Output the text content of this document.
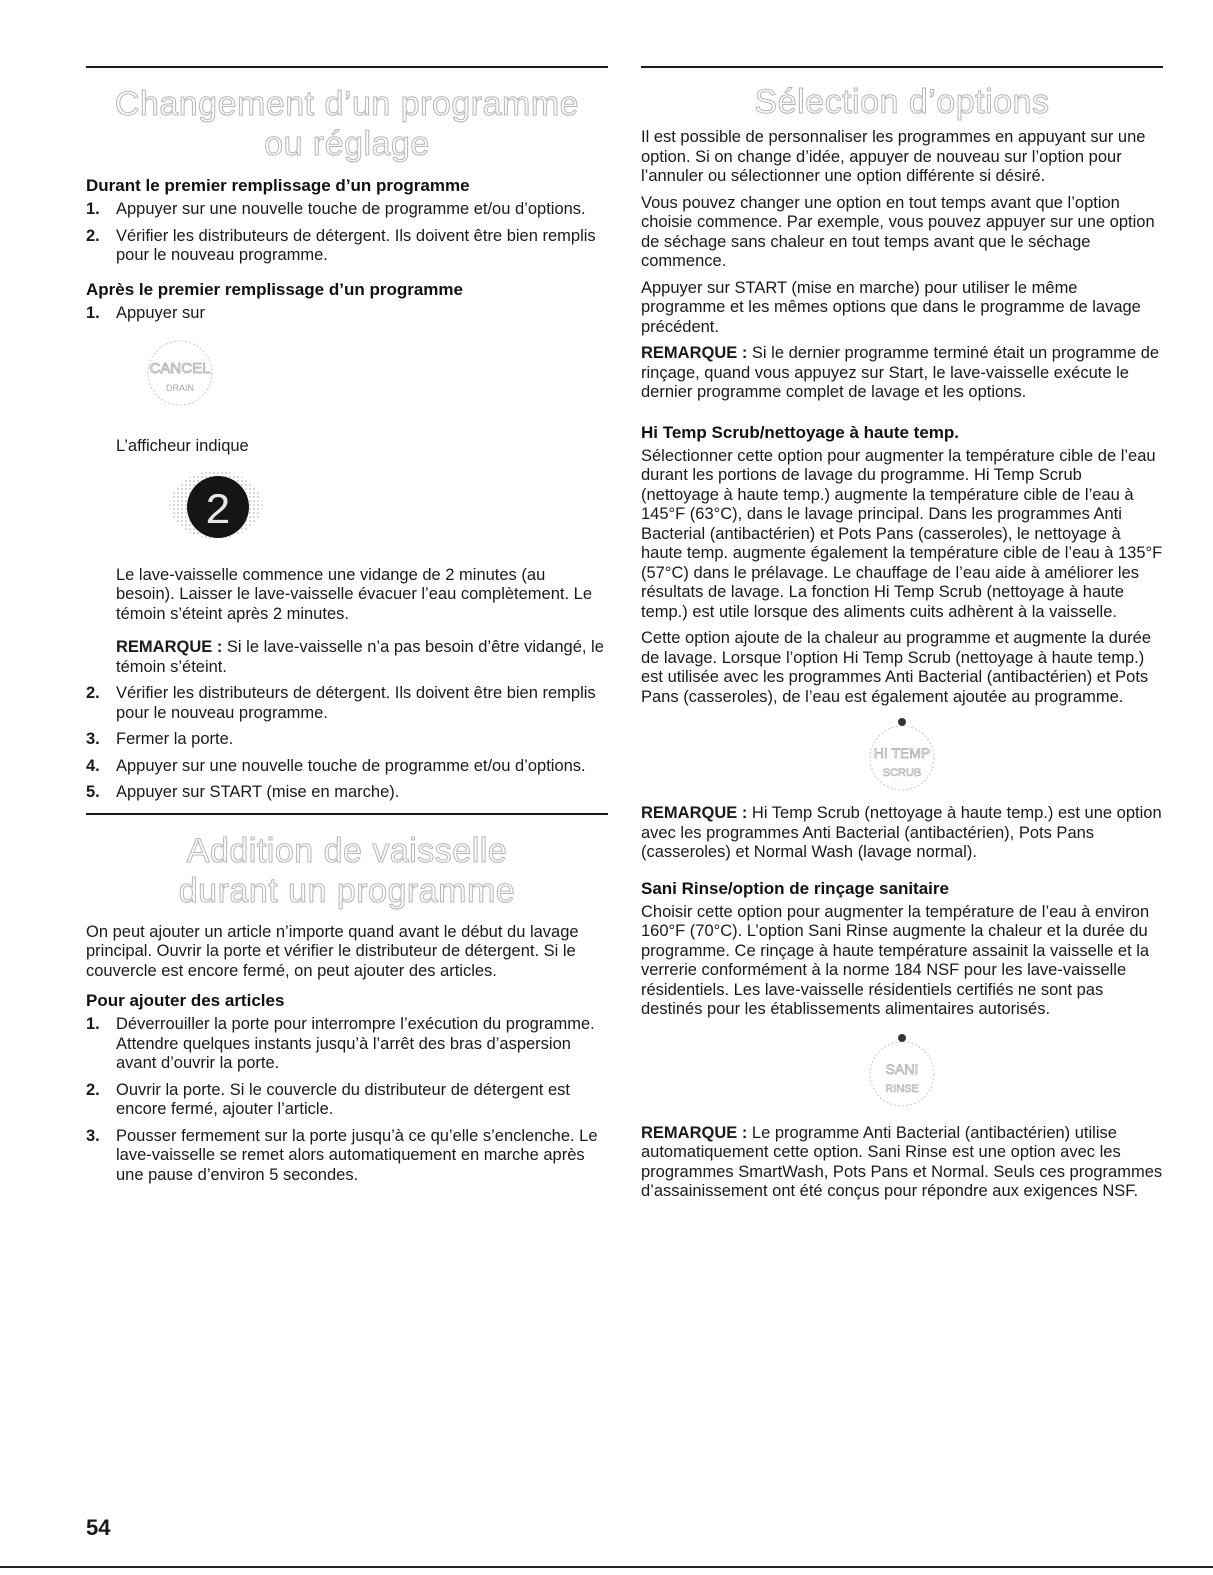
Changement d’un programme
ou réglage
Durant le premier remplissage d’un programme
1. Appuyer sur une nouvelle touche de programme et/ou d’options.
2. Vérifier les distributeurs de détergent. Ils doivent être bien remplis pour le nouveau programme.
Après le premier remplissage d’un programme
1. Appuyer sur
CANCEL
DRAIN

L’afficheur indique

2

Le lave-vaisselle commence une vidange de 2 minutes (au besoin). Laisser le lave-vaisselle évacuer l’eau complètement. Le témoin s’éteint après 2 minutes.

REMARQUE : Si le lave-vaisselle n’a pas besoin d’être vidangé, le témoin s’éteint.

2. Vérifier les distributeurs de détergent. Ils doivent être bien remplis pour le nouveau programme.
3. Fermer la porte.
4. Appuyer sur une nouvelle touche de programme et/ou d’options.
5. Appuyer sur START (mise en marche).
Addition de vaisselle
durant un programme

On peut ajouter un article n’importe quand avant le début du lavage principal. Ouvrir la porte et vérifier le distributeur de détergent. Si le couvercle est encore fermé, on peut ajouter des articles.

Pour ajouter des articles
1. Déverrouiller la porte pour interrompre l’exécution du programme. Attendre quelques instants jusqu’à l’arrêt des bras d’aspersion avant d’ouvrir la porte.
2. Ouvrir la porte. Si le couvercle du distributeur de détergent est encore fermé, ajouter l’article.
3. Pousser fermement sur la porte jusqu’à ce qu’elle s’enclenche. Le lave-vaisselle se remet alors automatiquement en marche après une pause d’environ 5 secondes.
Sélection d’options

Il est possible de personnaliser les programmes en appuyant sur une option. Si on change d’idée, appuyer de nouveau sur l’option pour l’annuler ou sélectionner une option différente si désiré.

Vous pouvez changer une option en tout temps avant que l’option choisie commence. Par exemple, vous pouvez appuyer sur une option de séchage sans chaleur en tout temps avant que le séchage commence.

Appuyer sur START (mise en marche) pour utiliser le même programme et les mêmes options que dans le programme de lavage précédent.

REMARQUE : Si le dernier programme terminé était un programme de rinçage, quand vous appuyez sur Start, le lave-vaisselle exécute le dernier programme complet de lavage et les options.

Hi Temp Scrub/nettoyage à haute temp.

Sélectionner cette option pour augmenter la température cible de l’eau durant les portions de lavage du programme. Hi Temp Scrub (nettoyage à haute temp.) augmente la température cible de l’eau à 145°F (63°C), dans le lavage principal. Dans les programmes Anti Bacterial (antibactérien) et Pots Pans (casseroles), le nettoyage à haute temp. augmente également la température cible de l’eau à 135°F (57°C) dans le prélavage. Le chauffage de l’eau aide à améliorer les résultats de lavage. La fonction Hi Temp Scrub (nettoyage à haute temp.) est utile lorsque des aliments cuits adhèrent à la vaisselle.

Cette option ajoute de la chaleur au programme et augmente la durée de lavage. Lorsque l’option Hi Temp Scrub (nettoyage à haute temp.) est utilisée avec les programmes Anti Bacterial (antibactérien) et Pots Pans (casseroles), de l’eau est également ajoutée au programme.

HI TEMP
SCRUB

REMARQUE : Hi Temp Scrub (nettoyage à haute temp.) est une option avec les programmes Anti Bacterial (antibactérien), Pots Pans (casseroles) et Normal Wash (lavage normal).

Sani Rinse/option de rinçage sanitaire

Choisir cette option pour augmenter la température de l’eau à environ 160°F (70°C). L’option Sani Rinse augmente la chaleur et la durée du programme. Ce rinçage à haute température assainit la vaisselle et la verrerie conformément à la norme 184 NSF pour les lave-vaisselle résidentiels. Les lave-vaisselle résidentiels certifiés ne sont pas destinés pour les établissements alimentaires autorisés.

SANI
RINSE

REMARQUE : Le programme Anti Bacterial (antibactérien) utilise automatiquement cette option. Sani Rinse est une option avec les programmes SmartWash, Pots Pans et Normal. Seuls ces programmes d’assainissement ont été conçus pour répondre aux exigences NSF.

54
